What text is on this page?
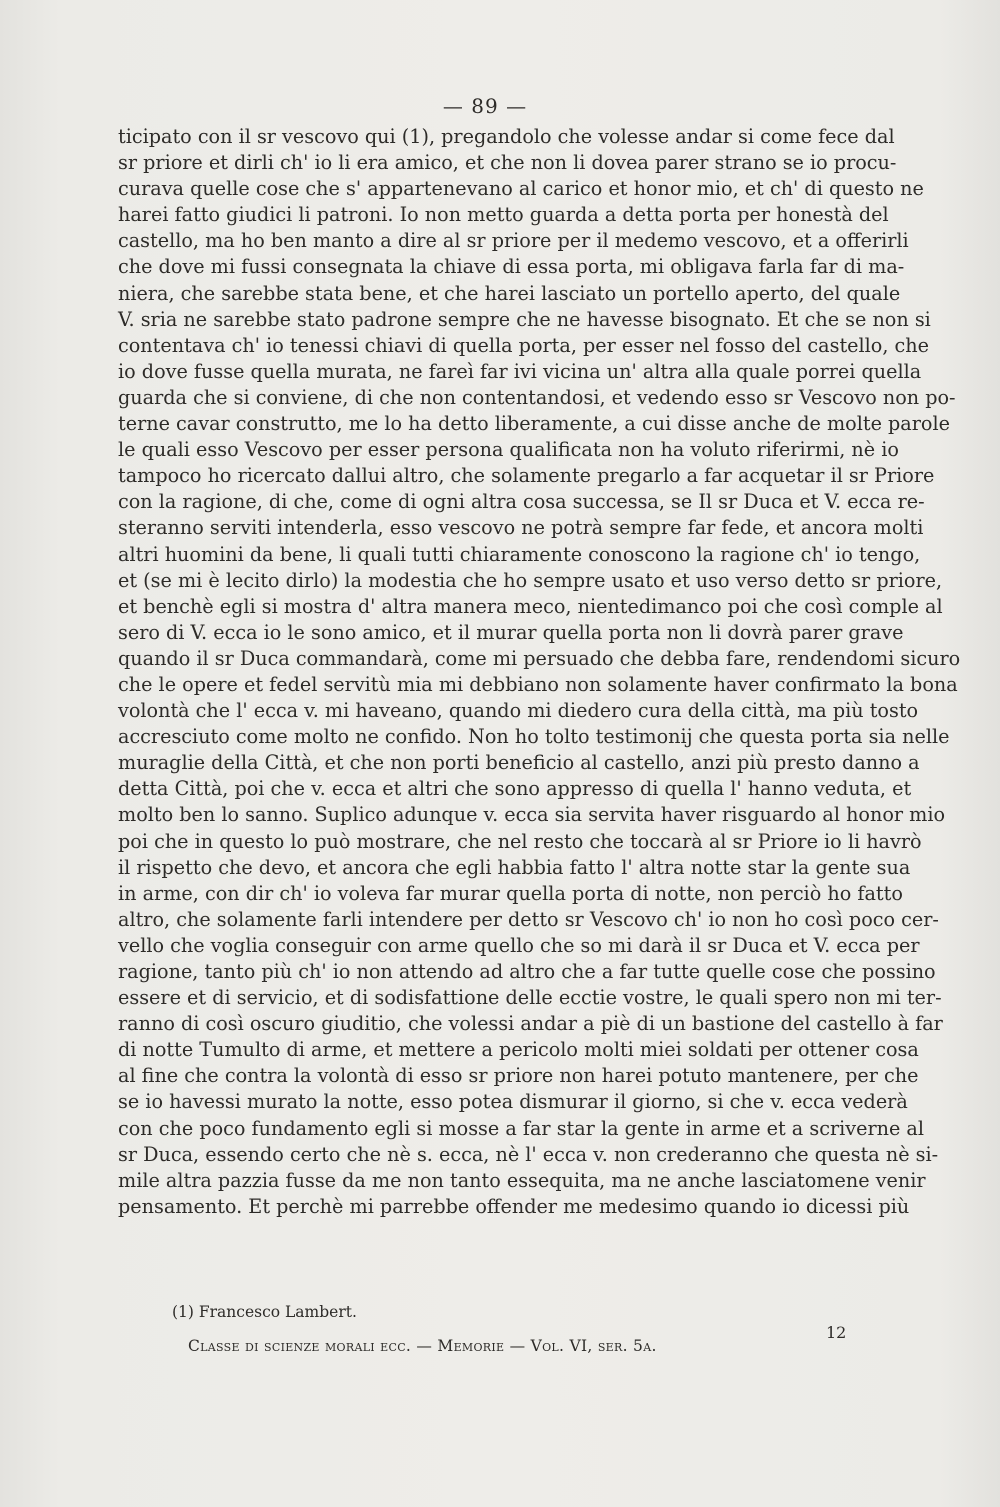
— 89 —
ticipato con il sr vescovo qui (1), pregandolo che volesse andar si come fece dal
sr priore et dirli ch' io li era amico, et che non li dovea parer strano se io procu-
curava quelle cose che s' appartenevano al carico et honor mio, et ch' di questo ne
harei fatto giudici li patroni. Io non metto guarda a detta porta per honestà del
castello, ma ho ben manto a dire al sr priore per il medemo vescovo, et a offerirli
che dove mi fussi consegnata la chiave di essa porta, mi obligava farla far di ma-
niera, che sarebbe stata bene, et che harei lasciato un portello aperto, del quale
V. sria ne sarebbe stato padrone sempre che ne havesse bisognato. Et che se non si
contentava ch' io tenessi chiavi di quella porta, per esser nel fosso del castello, che
io dove fusse quella murata, ne fareì far ivi vicina un' altra alla quale porrei quella
guarda che si conviene, di che non contentandosi, et vedendo esso sr Vescovo non po-
terne cavar construtto, me lo ha detto liberamente, a cui disse anche de molte parole
le quali esso Vescovo per esser persona qualificata non ha voluto riferirmi, nè io
tampoco ho ricercato dallui altro, che solamente pregarlo a far acquetar il sr Priore
con la ragione, di che, come di ogni altra cosa successa, se Il sr Duca et V. ecca re-
steranno serviti intenderla, esso vescovo ne potrà sempre far fede, et ancora molti
altri huomini da bene, li quali tutti chiaramente conoscono la ragione ch' io tengo,
et (se mi è lecito dirlo) la modestia che ho sempre usato et uso verso detto sr priore,
et benchè egli si mostra d' altra manera meco, nientedimanco poi che così comple al
sero di V. ecca io le sono amico, et il murar quella porta non li dovrà parer grave
quando il sr Duca commandarà, come mi persuado che debba fare, rendendomi sicuro
che le opere et fedel servitù mia mi debbiano non solamente haver confirmato la bona
volontà che l' ecca v. mi haveano, quando mi diedero cura della città, ma più tosto
accresciuto come molto ne confido. Non ho tolto testimonij che questa porta sia nelle
muraglie della Città, et che non porti beneficio al castello, anzi più presto danno a
detta Città, poi che v. ecca et altri che sono appresso di quella l' hanno veduta, et
molto ben lo sanno. Suplico adunque v. ecca sia servita haver risguardo al honor mio
poi che in questo lo può mostrare, che nel resto che toccarà al sr Priore io li havrò
il rispetto che devo, et ancora che egli habbia fatto l' altra notte star la gente sua
in arme, con dir ch' io voleva far murar quella porta di notte, non perciò ho fatto
altro, che solamente farli intendere per detto sr Vescovo ch' io non ho così poco cer-
vello che voglia conseguir con arme quello che so mi darà il sr Duca et V. ecca per
ragione, tanto più ch' io non attendo ad altro che a far tutte quelle cose che possino
essere et di servicio, et di sodisfattione delle ecctie vostre, le quali spero non mi ter-
ranno di così oscuro giuditio, che volessi andar a piè di un bastione del castello à far
di notte Tumulto di arme, et mettere a pericolo molti miei soldati per ottener cosa
al fine che contra la volontà di esso sr priore non harei potuto mantenere, per che
se io havessi murato la notte, esso potea dismurar il giorno, si che v. ecca vederà
con che poco fundamento egli si mosse a far star la gente in arme et a scriverne al
sr Duca, essendo certo che nè s. ecca, nè l' ecca v. non crederanno che questa nè si-
mile altra pazzia fusse da me non tanto essequita, ma ne anche lasciatomene venir
pensamento. Et perchè mi parrebbe offender me medesimo quando io dicessi più
(1) Francesco Lambert.
Classe di scienze morali ecc. — Memorie — Vol. VI, ser. 5a.
12
